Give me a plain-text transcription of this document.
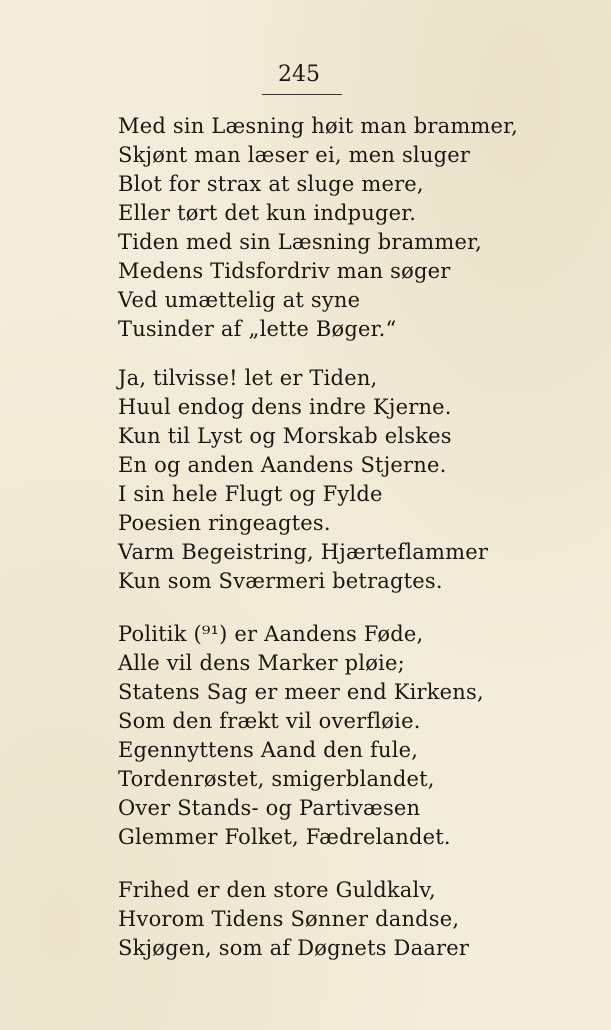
245
Med sin Læsning høit man brammer,
Skjønt man læser ei, men sluger
Blot for strax at sluge mere,
Eller tørt det kun indpuger.
Tiden med sin Læsning brammer,
Medens Tidsfordriv man søger
Ved umættelig at syne
Tusinder af „lette Bøger.“
Ja, tilvisse! let er Tiden,
Huul endog dens indre Kjerne.
Kun til Lyst og Morskab elskes
En og anden Aandens Stjerne.
I sin hele Flugt og Fylde
Poesien ringeagtes.
Varm Begeistring, Hjærteflammer
Kun som Sværmeri betragtes.
Politik (⁹¹) er Aandens Føde,
Alle vil dens Marker pløie;
Statens Sag er meer end Kirkens,
Som den frækt vil overfløie.
Egennyttens Aand den fule,
Tordenrøstet, smigerblandet,
Over Stands- og Partivæsen
Glemmer Folket, Fædrelandet.
Frihed er den store Guldkalv,
Hvorom Tidens Sønner dandse,
Skjøgen, som af Døgnets Daarer
